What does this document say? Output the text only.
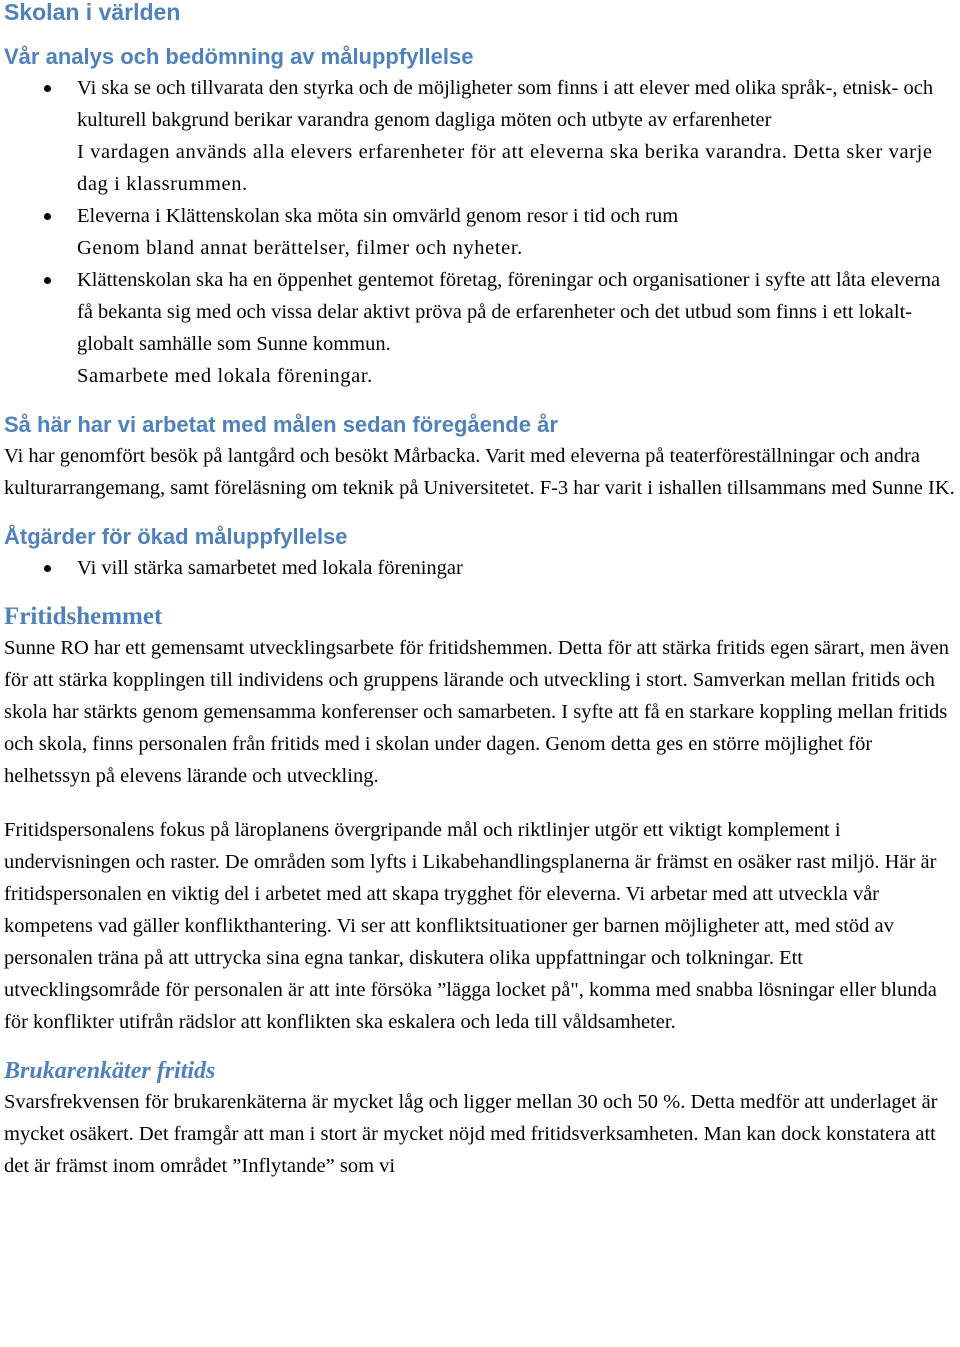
Skolan i världen
Vår analys och bedömning av måluppfyllelse
Vi ska se och tillvarata den styrka och de möjligheter som finns i att elever med olika språk-, etnisk- och kulturell bakgrund berikar varandra genom dagliga möten och utbyte av erfarenheter
I vardagen används alla elevers erfarenheter för att eleverna ska berika varandra. Detta sker varje dag i klassrummen.
Eleverna i Klättenskolan ska möta sin omvärld genom resor i tid och rum
Genom bland annat berättelser, filmer och nyheter.
Klättenskolan ska ha en öppenhet gentemot företag, föreningar och organisationer i syfte att låta eleverna få bekanta sig med och vissa delar aktivt pröva på de erfarenheter och det utbud som finns i ett lokalt-globalt samhälle som Sunne kommun.
Samarbete med lokala föreningar.
Så här har vi arbetat med målen sedan föregående år

Vi har genomfört besök på lantgård och besökt Mårbacka. Varit med eleverna på teaterföreställningar och andra kulturarrangemang, samt föreläsning om teknik på Universitetet. F-3 har varit i ishallen tillsammans med Sunne IK.

Åtgärder för ökad måluppfyllelse
Vi vill stärka samarbetet med lokala föreningar
Fritidshemmet

Sunne RO har ett gemensamt utvecklingsarbete för fritidshemmen. Detta för att stärka fritids egen särart, men även för att stärka kopplingen till individens och gruppens lärande och utveckling i stort. Samverkan mellan fritids och skola har stärkts genom gemensamma konferenser och samarbeten. I syfte att få en starkare koppling mellan fritids och skola, finns personalen från fritids med i skolan under dagen. Genom detta ges en större möjlighet för helhetssyn på elevens lärande och utveckling.

Fritidspersonalens fokus på läroplanens övergripande mål och riktlinjer utgör ett viktigt komplement i undervisningen och raster. De områden som lyfts i Likabehandlingsplanerna är främst en osäker rast miljö. Här är fritidspersonalen en viktig del i arbetet med att skapa trygghet för eleverna. Vi arbetar med att utveckla vår kompetens vad gäller konflikthantering. Vi ser att konfliktsituationer ger barnen möjligheter att, med stöd av personalen träna på att uttrycka sina egna tankar, diskutera olika uppfattningar och tolkningar. Ett utvecklingsområde för personalen är att inte försöka ”lägga locket på", komma med snabba lösningar eller blunda för konflikter utifrån rädslor att konflikten ska eskalera och leda till våldsamheter.

Brukarenkäter fritids

Svarsfrekvensen för brukarenkäterna är mycket låg och ligger mellan 30 och 50 %. Detta medför att underlaget är mycket osäkert. Det framgår att man i stort är mycket nöjd med fritidsverksamheten. Man kan dock konstatera att det är främst inom området ”Inflytande” som vi
